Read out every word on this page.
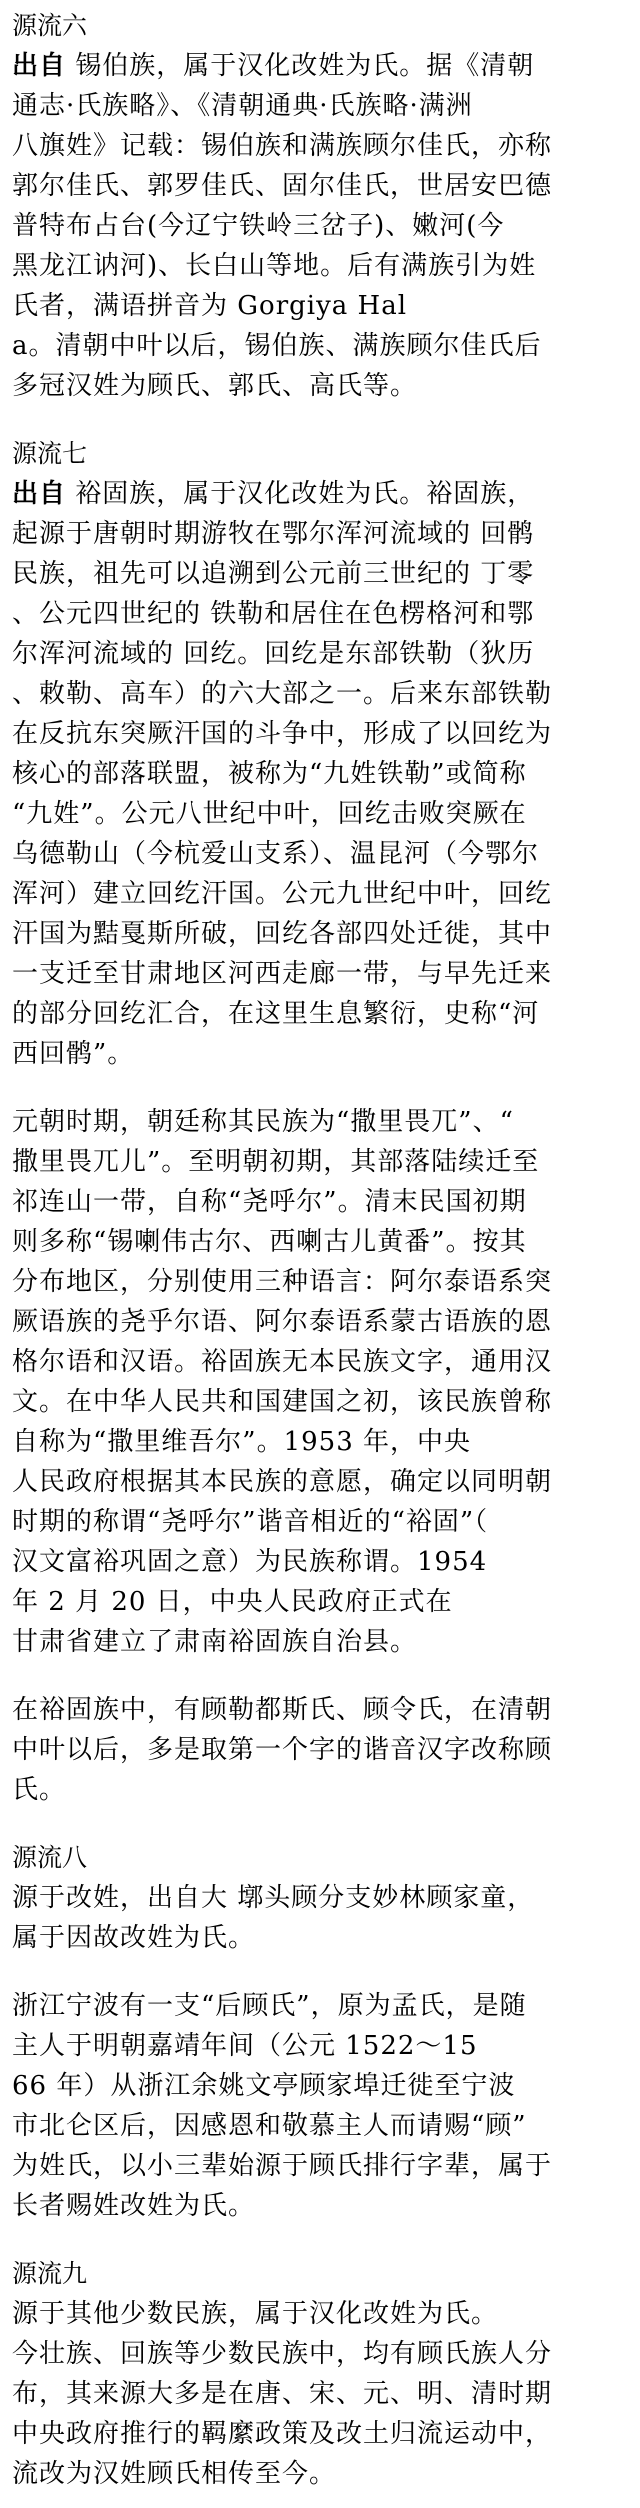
源流六
出自 锡伯族，属于汉化改姓为氏。据《清朝
通志·氏族略》、《清朝通典·氏族略·满洲
八旗姓》记载：锡伯族和满族顾尔佳氏，亦称
郭尔佳氏、郭罗佳氏、固尔佳氏，世居安巴德
普特布占台(今辽宁铁岭三岔子)、嫩河(今
黑龙江讷河)、长白山等地。后有满族引为姓
氏者，满语拼音为 Gorgiya Hal
a。清朝中叶以后，锡伯族、满族顾尔佳氏后
多冠汉姓为顾氏、郭氏、高氏等。
源流七
出自 裕固族，属于汉化改姓为氏。裕固族，
起源于唐朝时期游牧在鄂尔浑河流域的 回鹘
民族，祖先可以追溯到公元前三世纪的 丁零
、公元四世纪的 铁勒和居住在色楞格河和鄂
尔浑河流域的 回纥。回纥是东部铁勒（狄历
、敕勒、高车）的六大部之一。后来东部铁勒
在反抗东突厥汗国的斗争中，形成了以回纥为
核心的部落联盟，被称为“九姓铁勒”或简称
“九姓”。公元八世纪中叶，回纥击败突厥在
乌德勒山（今杭爱山支系）、温昆河（今鄂尔
浑河）建立回纥汗国。公元九世纪中叶，回纥
汗国为黠戛斯所破，回纥各部四处迁徙，其中
一支迁至甘肃地区河西走廊一带，与早先迁来
的部分回纥汇合，在这里生息繁衍，史称“河
西回鹘”。
元朝时期，朝廷称其民族为“撒里畏兀”、“
撒里畏兀儿”。至明朝初期，其部落陆续迁至
祁连山一带，自称“尧呼尔”。清末民国初期
则多称“锡喇伟古尔、西喇古儿黄番”。按其
分布地区，分别使用三种语言：阿尔泰语系突
厥语族的尧乎尔语、阿尔泰语系蒙古语族的恩
格尔语和汉语。裕固族无本民族文字，通用汉
文。在中华人民共和国建国之初，该民族曾称
自称为“撒里维吾尔”。1953 年，中央
人民政府根据其本民族的意愿，确定以同明朝
时期的称谓“尧呼尔”谐音相近的“裕固”（
汉文富裕巩固之意）为民族称谓。1954
年 2 月 20 日，中央人民政府正式在
甘肃省建立了肃南裕固族自治县。
在裕固族中，有顾勒都斯氏、顾令氏，在清朝
中叶以后，多是取第一个字的谐音汉字改称顾
氏。
源流八
源于改姓，出自大 墎头顾分支妙林顾家童，
属于因故改姓为氏。
浙江宁波有一支“后顾氏”，原为孟氏，是随
主人于明朝嘉靖年间（公元 1522～15
66 年）从浙江余姚文亭顾家埠迁徙至宁波
市北仑区后，因感恩和敬慕主人而请赐“顾”
为姓氏，以小三辈始源于顾氏排行字辈，属于
长者赐姓改姓为氏。
源流九
源于其他少数民族，属于汉化改姓为氏。
今壮族、回族等少数民族中，均有顾氏族人分
布，其来源大多是在唐、宋、元、明、清时期
中央政府推行的羁縻政策及改土归流运动中，
流改为汉姓顾氏相传至今。
